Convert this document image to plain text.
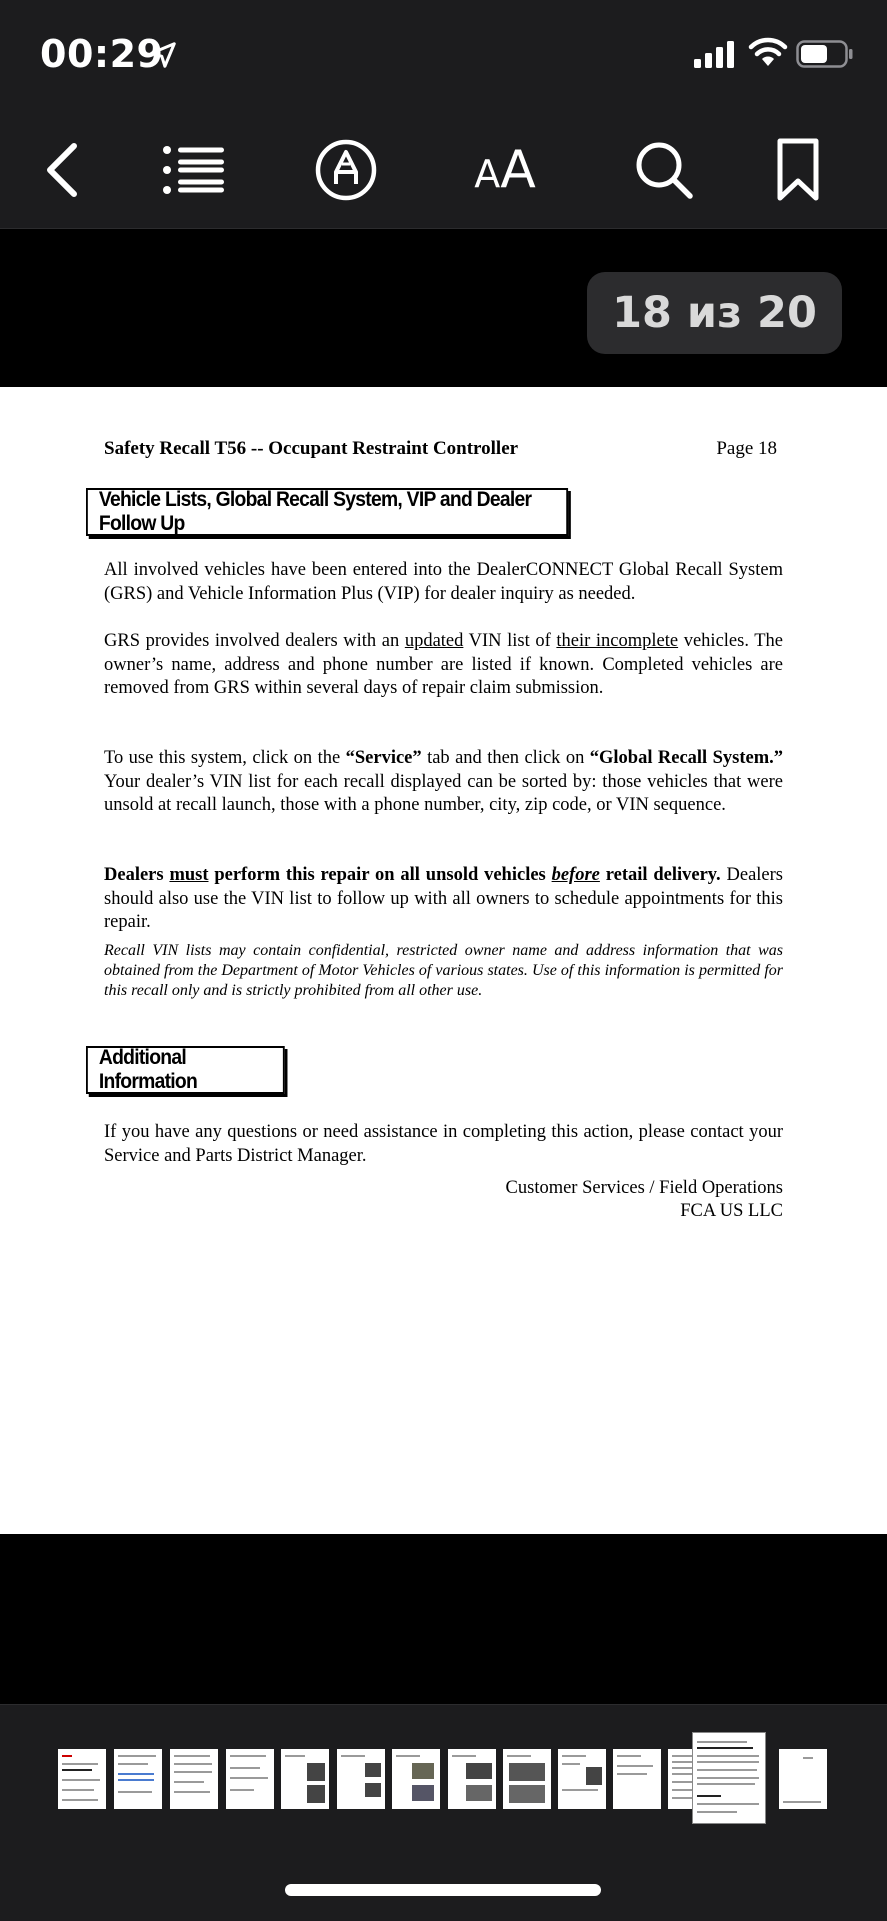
00:29
AA
18 из 20
Safety Recall T56 -- Occupant Restraint Controller	Page 18
Vehicle Lists, Global Recall System, VIP and Dealer Follow Up
All involved vehicles have been entered into the DealerCONNECT Global Recall System (GRS) and Vehicle Information Plus (VIP) for dealer inquiry as needed.
GRS provides involved dealers with an updated VIN list of their incomplete vehicles. The owner’s name, address and phone number are listed if known. Completed vehicles are removed from GRS within several days of repair claim submission.
To use this system, click on the “Service” tab and then click on “Global Recall System.” Your dealer’s VIN list for each recall displayed can be sorted by: those vehicles that were unsold at recall launch, those with a phone number, city, zip code, or VIN sequence.
Dealers must perform this repair on all unsold vehicles before retail delivery. Dealers should also use the VIN list to follow up with all owners to schedule appointments for this repair.
Recall VIN lists may contain confidential, restricted owner name and address information that was obtained from the Department of Motor Vehicles of various states. Use of this information is permitted for this recall only and is strictly prohibited from all other use.
Additional Information
If you have any questions or need assistance in completing this action, please contact your Service and Parts District Manager.
Customer Services / Field Operations
FCA US LLC
